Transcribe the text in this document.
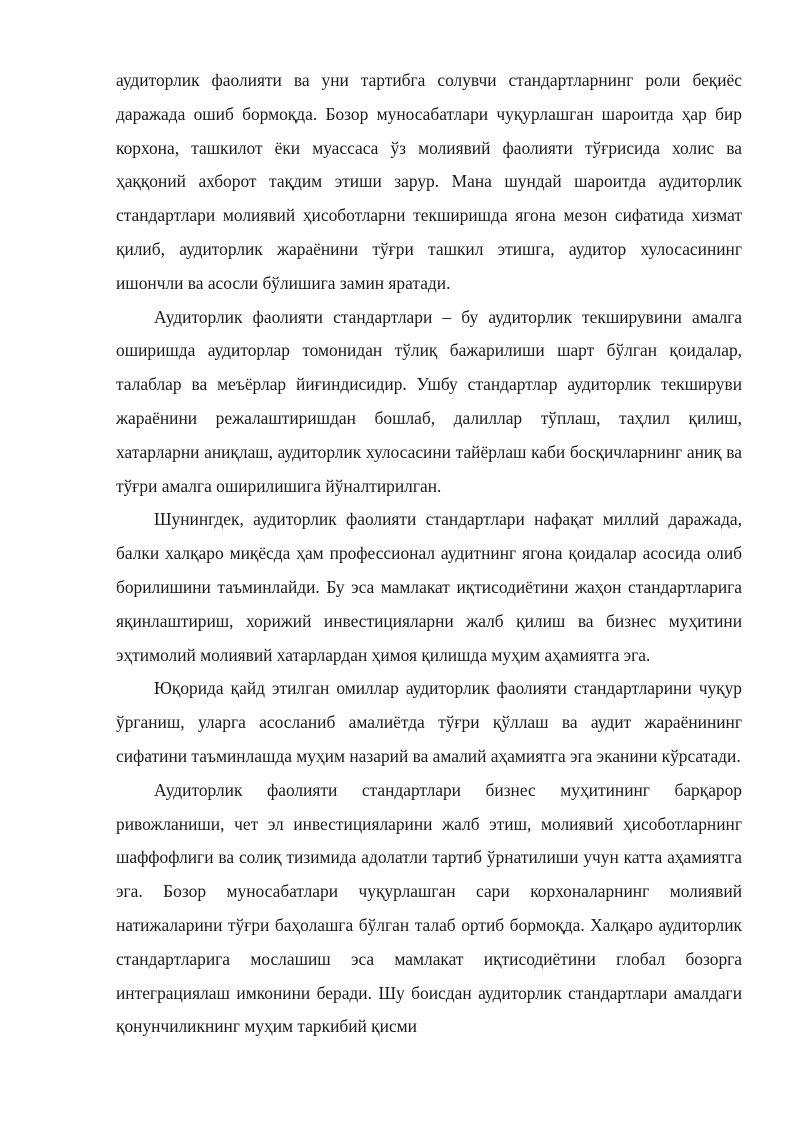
аудиторлик фаолияти ва уни тартибга солувчи стандартларнинг роли беқиёс даражада ошиб бормоқда. Бозор муносабатлари чуқурлашган шароитда ҳар бир корхона, ташкилот ёки муассаса ўз молиявий фаолияти тўғрисида холис ва ҳаққоний ахборот тақдим этиши зарур. Мана шундай шароитда аудиторлик стандартлари молиявий ҳисоботларни текширишда ягона мезон сифатида хизмат қилиб, аудиторлик жараёнини тўғри ташкил этишга, аудитор хулосасининг ишончли ва асосли бўлишига замин яратади.

Аудиторлик фаолияти стандартлари – бу аудиторлик текширувини амалга оширишда аудиторлар томонидан тўлиқ бажарилиши шарт бўлган қоидалар, талаблар ва меъёрлар йиғиндисидир. Ушбу стандартлар аудиторлик текшируви жараёнини режалаштиришдан бошлаб, далиллар тўплаш, таҳлил қилиш, хатарларни аниқлаш, аудиторлик хулосасини тайёрлаш каби босқичларнинг аниқ ва тўғри амалга оширилишига йўналтирилган.

Шунингдек, аудиторлик фаолияти стандартлари нафақат миллий даражада, балки халқаро миқёсда ҳам профессионал аудитнинг ягона қоидалар асосида олиб борилишини таъминлайди. Бу эса мамлакат иқтисодиётини жаҳон стандартларига яқинлаштириш, хорижий инвестицияларни жалб қилиш ва бизнес муҳитини эҳтимолий молиявий хатарлардан ҳимоя қилишда муҳим аҳамиятга эга.

Юқорида қайд этилган омиллар аудиторлик фаолияти стандартларини чуқур ўрганиш, уларга асосланиб амалиётда тўғри қўллаш ва аудит жараёнининг сифатини таъминлашда муҳим назарий ва амалий аҳамиятга эга эканини кўрсатади.

Аудиторлик фаолияти стандартлари бизнес муҳитининг барқарор ривожланиши, чет эл инвестицияларини жалб этиш, молиявий ҳисоботларнинг шаффофлиги ва солиқ тизимида адолатли тартиб ўрнатилиши учун катта аҳамиятга эга. Бозор муносабатлари чуқурлашган сари корхоналарнинг молиявий натижаларини тўғри баҳолашга бўлган талаб ортиб бормоқда. Халқаро аудиторлик стандартларига мослашиш эса мамлакат иқтисодиётини глобал бозорга интеграциялаш имконини беради. Шу боисдан аудиторлик стандартлари амалдаги қонунчиликнинг муҳим таркибий қисми
